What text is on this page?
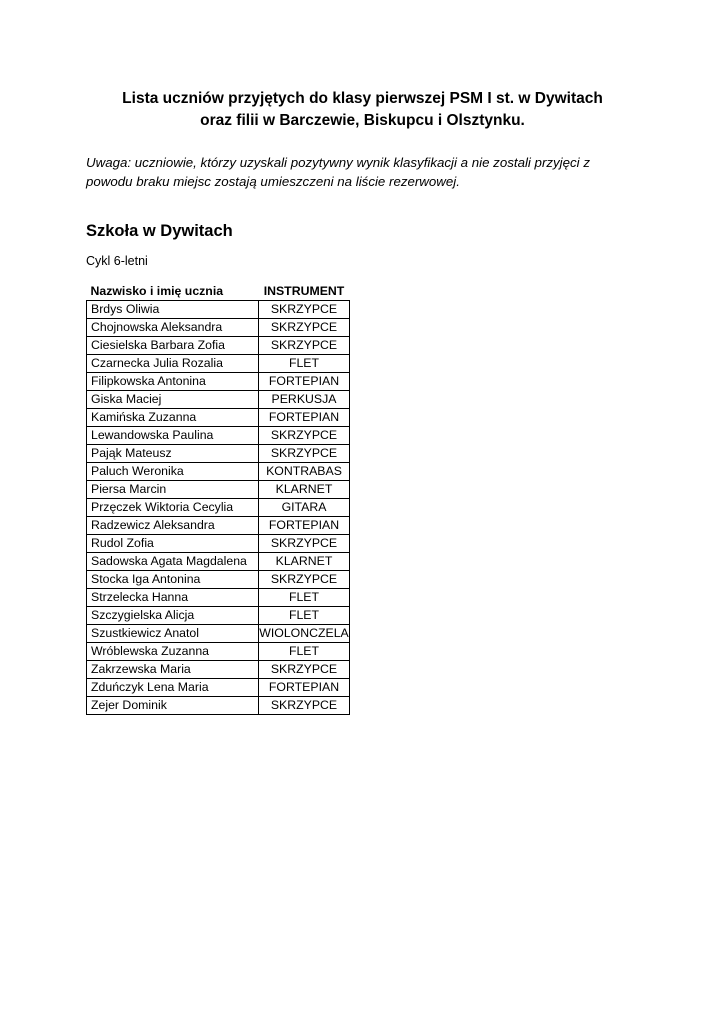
Lista uczniów przyjętych do klasy pierwszej PSM I st. w Dywitach
oraz filii w Barczewie, Biskupcu i Olsztynku.
Uwaga: uczniowie, którzy uzyskali pozytywny wynik klasyfikacji a nie zostali przyjęci z powodu braku miejsc zostają umieszczeni na liście rezerwowej.
Szkoła w Dywitach
Cykl 6-letni
Nazwisko i imię ucznia	INSTRUMENT
Brdys Oliwia	SKRZYPCE
Chojnowska Aleksandra	SKRZYPCE
Ciesielska Barbara Zofia	SKRZYPCE
Czarnecka Julia Rozalia	FLET
Filipkowska Antonina	FORTEPIAN
Giska Maciej	PERKUSJA
Kamińska Zuzanna	FORTEPIAN
Lewandowska Paulina	SKRZYPCE
Pająk Mateusz	SKRZYPCE
Paluch Weronika	KONTRABAS
Piersa Marcin	KLARNET
Przęczek Wiktoria Cecylia	GITARA
Radzewicz Aleksandra	FORTEPIAN
Rudol Zofia	SKRZYPCE
Sadowska Agata Magdalena	KLARNET
Stocka Iga Antonina	SKRZYPCE
Strzelecka Hanna	FLET
Szczygielska Alicja	FLET
Szustkiewicz Anatol	WIOLONCZELA
Wróblewska Zuzanna	FLET
Zakrzewska Maria	SKRZYPCE
Zduńczyk Lena Maria	FORTEPIAN
Zejer Dominik	SKRZYPCE
